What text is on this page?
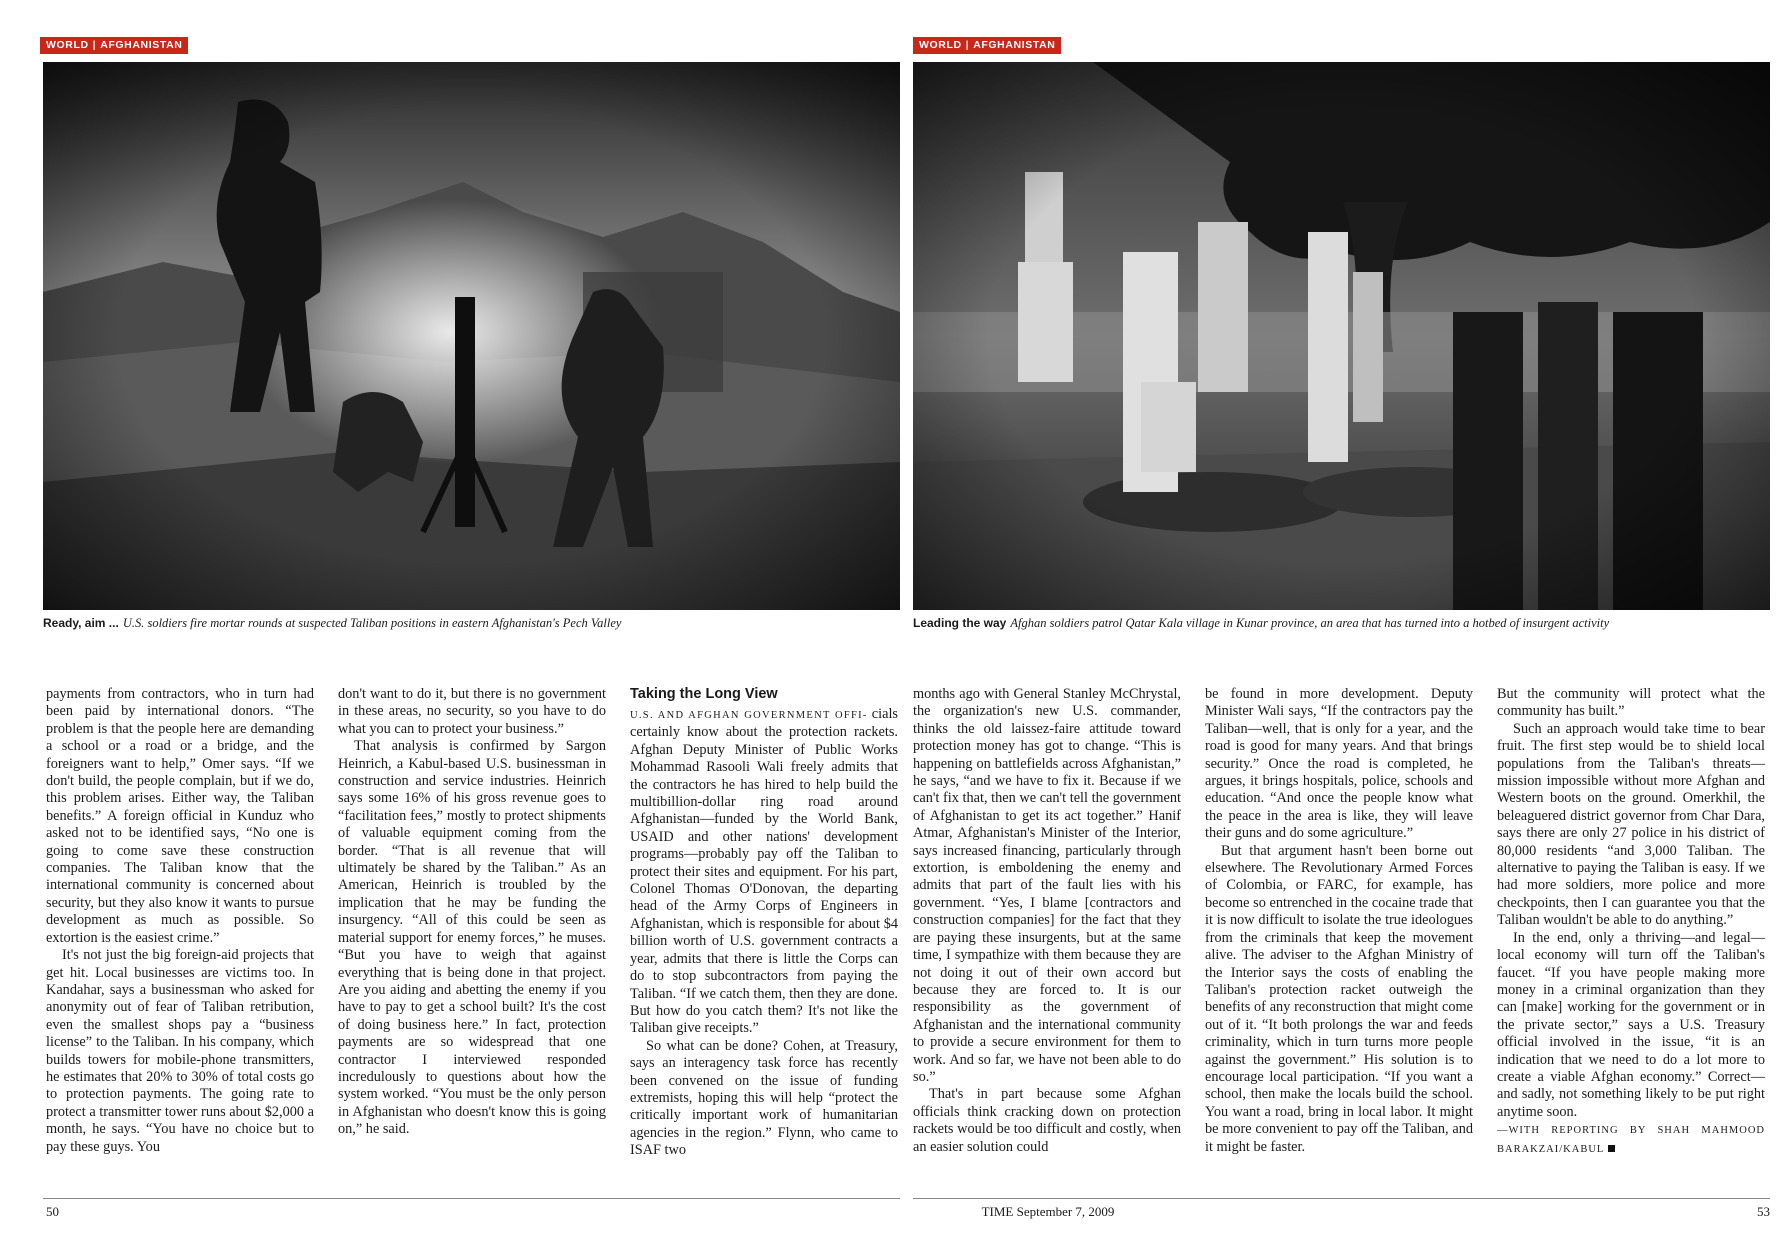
WORLD | AFGHANISTAN
Ready, aim ... U.S. soldiers fire mortar rounds at suspected Taliban positions in eastern Afghanistan's Pech Valley

payments from contractors, who in turn had been paid by international donors. “The problem is that the people here are demanding a school or a road or a bridge, and the foreigners want to help,” Omer says. “If we don't build, the people complain, but if we do, this problem arises. Either way, the Taliban benefits.” A foreign official in Kunduz who asked not to be identified says, “No one is going to come save these construction companies. The Taliban know that the international community is concerned about security, but they also know it wants to pursue development as much as possible. So extortion is the easiest crime.”

It's not just the big foreign-aid projects that get hit. Local businesses are victims too. In Kandahar, says a businessman who asked for anonymity out of fear of Taliban retribution, even the smallest shops pay a “business license” to the Taliban. In his company, which builds towers for mobile-phone transmitters, he estimates that 20% to 30% of total costs go to protection payments. The going rate to protect a transmitter tower runs about $2,000 a month, he says. “You have no choice but to pay these guys. You

don't want to do it, but there is no government in these areas, no security, so you have to do what you can to protect your business.”

That analysis is confirmed by Sargon Heinrich, a Kabul-based U.S. businessman in construction and service industries. Heinrich says some 16% of his gross revenue goes to “facilitation fees,” mostly to protect shipments of valuable equipment coming from the border. “That is all revenue that will ultimately be shared by the Taliban.” As an American, Heinrich is troubled by the implication that he may be funding the insurgency. “All of this could be seen as material support for enemy forces,” he muses. “But you have to weigh that against everything that is being done in that project. Are you aiding and abetting the enemy if you have to pay to get a school built? It's the cost of doing business here.” In fact, protection payments are so widespread that one contractor I interviewed responded incredulously to questions about how the system worked. “You must be the only person in Afghanistan who doesn't know this is going on,” he said.

50
WORLD | AFGHANISTAN
Leading the way Afghan soldiers patrol Qatar Kala village in Kunar province, an area that has turned into a hotbed of insurgent activity
Taking the Long View

U.S. AND AFGHAN GOVERNMENT OFFI- cials certainly know about the protection rackets. Afghan Deputy Minister of Public Works Mohammad Rasooli Wali freely admits that the contractors he has hired to help build the multibillion-dollar ring road around Afghanistan—funded by the World Bank, USAID and other nations' development programs—probably pay off the Taliban to protect their sites and equipment. For his part, Colonel Thomas O'Donovan, the departing head of the Army Corps of Engineers in Afghanistan, which is responsible for about $4 billion worth of U.S. government contracts a year, admits that there is little the Corps can do to stop subcontractors from paying the Taliban. “If we catch them, then they are done. But how do you catch them? It's not like the Taliban give receipts.”

So what can be done? Cohen, at Treasury, says an interagency task force has recently been convened on the issue of funding extremists, hoping this will help “protect the critically important work of humanitarian agencies in the region.” Flynn, who came to ISAF two

months ago with General Stanley McChrystal, the organization's new U.S. commander, thinks the old laissez-faire attitude toward protection money has got to change. “This is happening on battlefields across Afghanistan,” he says, “and we have to fix it. Because if we can't fix that, then we can't tell the government of Afghanistan to get its act together.” Hanif Atmar, Afghanistan's Minister of the Interior, says increased financing, particularly through extortion, is emboldening the enemy and admits that part of the fault lies with his government. “Yes, I blame [contractors and construction companies] for the fact that they are paying these insurgents, but at the same time, I sympathize with them because they are not doing it out of their own accord but because they are forced to. It is our responsibility as the government of Afghanistan and the international community to provide a secure environment for them to work. And so far, we have not been able to do so.”

That's in part because some Afghan officials think cracking down on protection rackets would be too difficult and costly, when an easier solution could

be found in more development. Deputy Minister Wali says, “If the contractors pay the Taliban—well, that is only for a year, and the road is good for many years. And that brings security.” Once the road is completed, he argues, it brings hospitals, police, schools and education. “And once the people know what the peace in the area is like, they will leave their guns and do some agriculture.”

But that argument hasn't been borne out elsewhere. The Revolutionary Armed Forces of Colombia, or FARC, for example, has become so entrenched in the cocaine trade that it is now difficult to isolate the true ideologues from the criminals that keep the movement alive. The adviser to the Afghan Ministry of the Interior says the costs of enabling the Taliban's protection racket outweigh the benefits of any reconstruction that might come out of it. “It both prolongs the war and feeds criminality, which in turn turns more people against the government.” His solution is to encourage local participation. “If you want a school, then make the locals build the school. You want a road, bring in local labor. It might be more convenient to pay off the Taliban, and it might be faster.

But the community will protect what the community has built.”

Such an approach would take time to bear fruit. The first step would be to shield local populations from the Taliban's threats—mission impossible without more Afghan and Western boots on the ground. Omerkhil, the beleaguered district governor from Char Dara, says there are only 27 police in his district of 80,000 residents “and 3,000 Taliban. The alternative to paying the Taliban is easy. If we had more soldiers, more police and more checkpoints, then I can guarantee you that the Taliban wouldn't be able to do anything.”

In the end, only a thriving—and legal—local economy will turn off the Taliban's faucet. “If you have people making more money in a criminal organization than they can [make] working for the government or in the private sector,” says a U.S. Treasury official involved in the issue, “it is an indication that we need to do a lot more to create a viable Afghan economy.” Correct—and sadly, not something likely to be put right anytime soon.

—WITH REPORTING BY SHAH MAHMOOD BARAKZAI/KABUL

TIME September 7, 2009	53
